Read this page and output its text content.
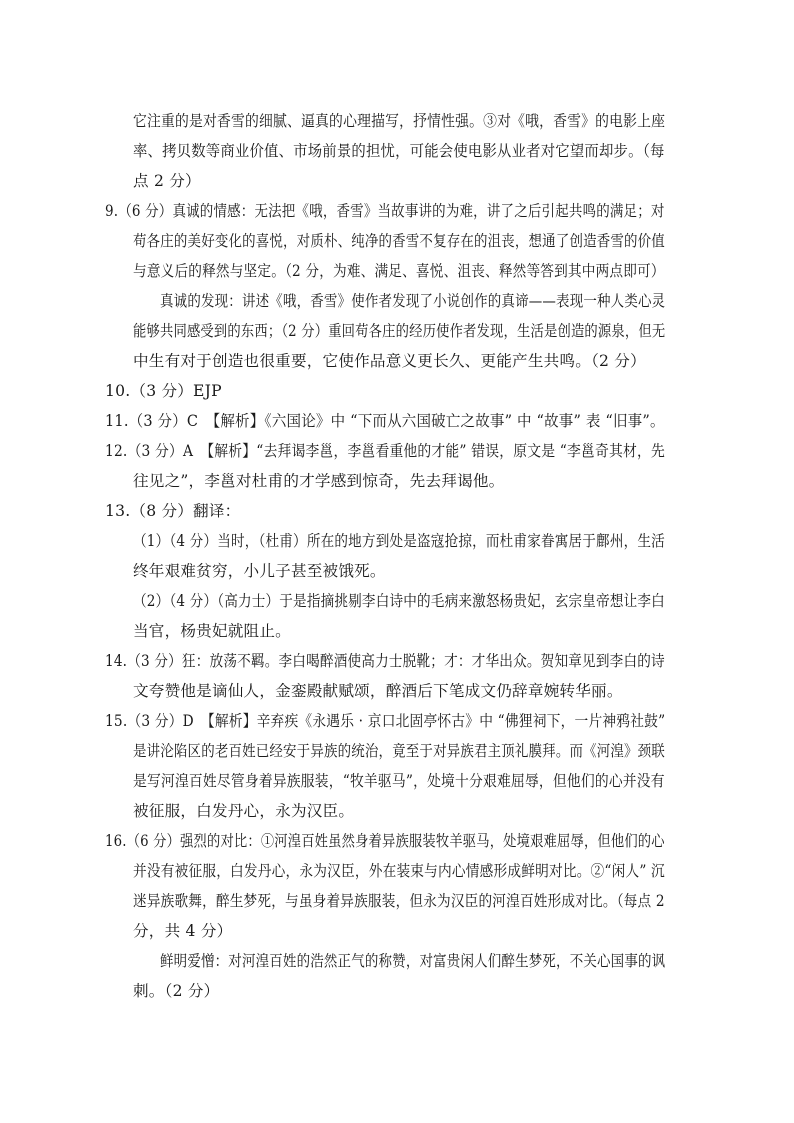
它注重的是对香雪的细腻、逼真的心理描写，抒情性强。③对《哦，香雪》的电影上座

率、拷贝数等商业价值、市场前景的担忧，可能会使电影从业者对它望而却步。（每

点 2 分）

9.（6 分）真诚的情感：无法把《哦，香雪》当故事讲的为难，讲了之后引起共鸣的满足；对

苟各庄的美好变化的喜悦，对质朴、纯净的香雪不复存在的沮丧，想通了创造香雪的价值

与意义后的释然与坚定。（2 分，为难、满足、喜悦、沮丧、释然等答到其中两点即可）

真诚的发现：讲述《哦，香雪》使作者发现了小说创作的真谛——表现一种人类心灵

能够共同感受到的东西；（2 分）重回苟各庄的经历使作者发现，生活是创造的源泉，但无

中生有对于创造也很重要，它使作品意义更长久、更能产生共鸣。（2 分）

10.（3 分）EJP

11.（3 分）C　【解析】《六国论》中 “下而从六国破亡之故事” 中 “故事” 表 “旧事”。

12.（3 分）A　【解析】“去拜谒李邕，李邕看重他的才能” 错误，原文是 “李邕奇其材，先

往见之”，李邕对杜甫的才学感到惊奇，先去拜谒他。

13.（8 分）翻译：

（1）（4 分）当时，（杜甫）所在的地方到处是盗寇抢掠，而杜甫家眷寓居于鄜州，生活

终年艰难贫穷，小儿子甚至被饿死。

（2）（4 分）（高力士）于是指摘挑剔李白诗中的毛病来激怒杨贵妃，玄宗皇帝想让李白

当官，杨贵妃就阻止。

14.（3 分）狂：放荡不羁。李白喝醉酒使高力士脱靴；才：才华出众。贺知章见到李白的诗

文夸赞他是谪仙人，金銮殿献赋颂，醉酒后下笔成文仍辞章婉转华丽。

15.（3 分）D　【解析】辛弃疾《永遇乐 · 京口北固亭怀古》中 “佛狸祠下，一片神鸦社鼓”

是讲沦陷区的老百姓已经安于异族的统治，竟至于对异族君主顶礼膜拜。而《河湟》颈联

是写河湟百姓尽管身着异族服装，“牧羊驱马”，处境十分艰难屈辱，但他们的心并没有

被征服，白发丹心，永为汉臣。

16.（6 分）强烈的对比：①河湟百姓虽然身着异族服装牧羊驱马，处境艰难屈辱，但他们的心

并没有被征服，白发丹心，永为汉臣，外在装束与内心情感形成鲜明对比。②“闲人” 沉

迷异族歌舞，醉生梦死，与虽身着异族服装，但永为汉臣的河湟百姓形成对比。（每点 2

分，共 4 分）

鲜明爱憎：对河湟百姓的浩然正气的称赞，对富贵闲人们醉生梦死，不关心国事的讽

刺。（2 分）
